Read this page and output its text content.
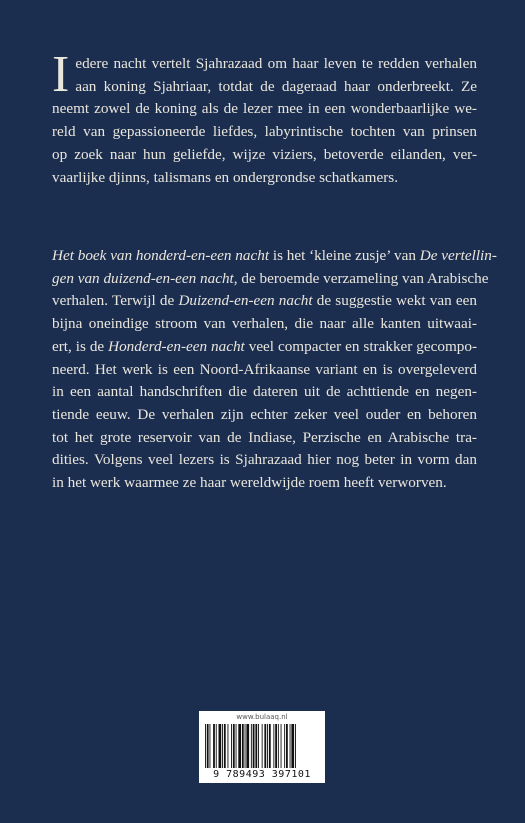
I edere nacht vertelt Sjahrazaad om haar leven te redden verhalen
aan koning Sjahriaar, totdat de dageraad haar onderbreekt. Ze
neemt zowel de koning als de lezer mee in een wonderbaarlijke we-
reld van gepassioneerde liefdes, labyrintische tochten van prinsen
op zoek naar hun geliefde, wijze viziers, betoverde eilanden, ver-
vaarlijke djinns, talismans en ondergrondse schatkamers.
Het boek van honderd-en-een nacht is het ‘kleine zusje’ van De vertellin-
gen van duizend-en-een nacht, de beroemde verzameling van Arabische
verhalen. Terwijl de Duizend-en-een nacht de suggestie wekt van een
bijna oneindige stroom van verhalen, die naar alle kanten uitwaai-
ert, is de Honderd-en-een nacht veel compacter en strakker gecompo-
neerd. Het werk is een Noord-Afrikaanse variant en is overgeleverd
in een aantal handschriften die dateren uit de achttiende en negen-
tiende eeuw. De verhalen zijn echter zeker veel ouder en behoren
tot het grote reservoir van de Indiase, Perzische en Arabische tra-
dities. Volgens veel lezers is Sjahrazaad hier nog beter in vorm dan
in het werk waarmee ze haar wereldwijde roem heeft verworven.
www.bulaaq.nl
9 789493 397101
